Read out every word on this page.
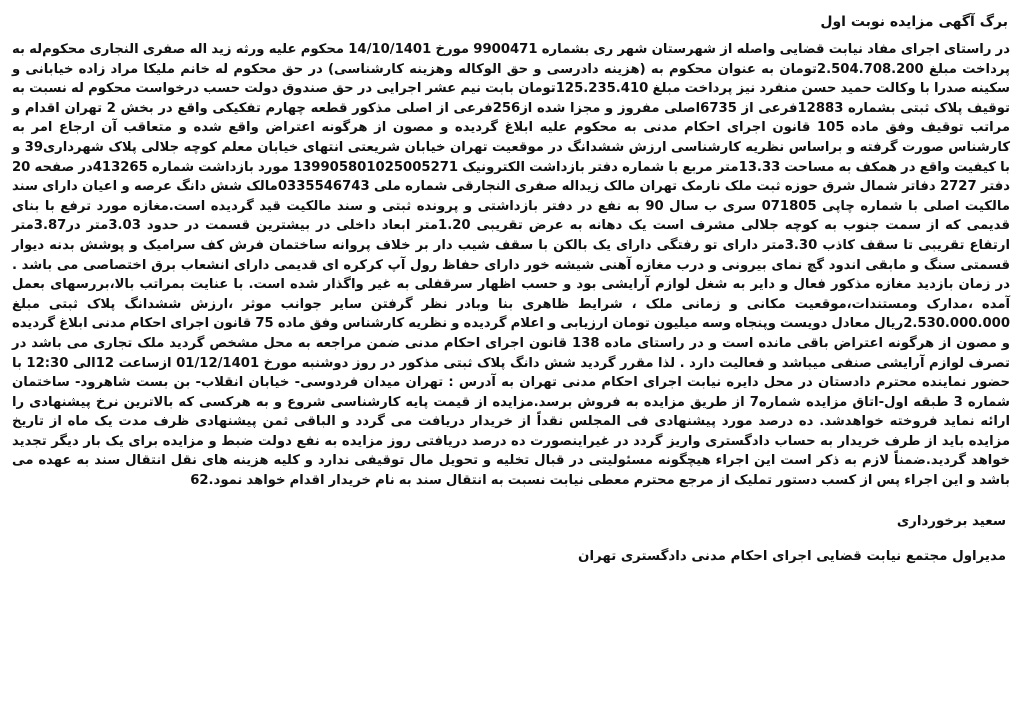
برگ آگهی مزایده نوبت اول
در راستای اجرای مفاد نیابت قضایی واصله از شهرستان شهر ری بشماره 9900471 مورخ 14/10/1401 محکوم علیه ورثه زید اله صفری النجاری محکوم‌له به پرداخت مبلغ 2.504.708.200تومان به عنوان محکوم به (هزینه دادرسی و حق الوکاله وهزینه کارشناسی) در حق محکوم له خانم ملیکا مراد زاده خیابانی و سکینه صدرا با وکالت حمید حسن منفرد نیز پرداخت مبلغ 125.235.410تومان بابت نیم عشر اجرایی در حق صندوق دولت حسب درخواست محکوم له نسبت به توقیف پلاک ثبتی بشماره 12883فرعی از 6735اصلی مفروز و مجزا شده از256فرعی از اصلی مذکور قطعه چهارم تفکیکی واقع در بخش 2 تهران اقدام و مراتب توقیف وفق ماده 105 قانون اجرای احکام مدنی به محکوم علیه ابلاغ گردیده و مصون از هرگونه اعتراض واقع شده و متعاقب آن ارجاع امر به کارشناس صورت گرفته و براساس نظریه کارشناسی ارزش ششدانگ در موقعیت تهران خیابان شریعتی انتهای خیابان معلم کوچه جلالی پلاک شهرداری39 و با کیفیت واقع در همکف به مساحت 13.33متر مربع با شماره دفتر بازداشت الکترونیک 139905801025005271 مورد بازداشت شماره 413265در صفحه 20 دفتر 2727 دفاتر شمال شرق حوزه ثبت ملک نارمک تهران مالک زیداله صفری النجارقی شماره ملی 0335546743مالک شش دانگ عرصه و اعیان دارای سند مالکیت اصلی با شماره چاپی 071805 سری ب سال 90 به نفع در دفتر بازداشتی و پرونده ثبتی و سند مالکیت قید گردیده است.مغازه مورد ترفع با بنای قدیمی که از سمت جنوب به کوچه جلالی مشرف است یک دهانه به عرض تقریبی 1.20متر ابعاد داخلی در بیشترین قسمت در حدود 3.03متر در3.87متر ارتفاع تقریبی تا سقف کاذب 3.30متر دارای تو رفتگی دارای یک بالکن با سقف شیب دار بر خلاف پروانه ساختمان فرش کف سرامیک و پوشش بدنه دیوار قسمتی سنگ و مابقی اندود گچ نمای بیرونی و درب مغازه آهنی شیشه خور دارای حفاظ رول آپ کرکره ای قدیمی دارای انشعاب برق اختصاصی می باشد . در زمان بازدید مغازه مذکور فعال و دایر به شغل لوازم آرایشی بود و حسب اظهار سرقفلی به غیر واگذار شده است. با عنایت بمراتب بالا،بررسهای بعمل آمده ،مدارک ومستندات،موقعیت مکانی و زمانی ملک ، شرایط ظاهری بنا وبادر نظر گرفتن سایر جوانب موثر ،ارزش ششدانگ پلاک ثبتی مبلغ 2.530.000.000ریال معادل دویست وپنجاه وسه میلیون تومان ارزیابی و اعلام گردیده و نظریه کارشناس وفق ماده 75 قانون اجرای احکام مدنی ابلاغ گردیده و مصون از هرگونه اعتراض باقی مانده است و در راستای ماده 138 قانون اجرای احکام مدنی ضمن مراجعه به محل مشخص گردید ملک تجاری می باشد در تصرف لوازم آرایشی صنفی میباشد و فعالیت دارد . لذا مقرر گردید شش دانگ پلاک ثبتی مذکور در روز دوشنبه مورخ 01/12/1401 ازساعت 12الی 12:30 با حضور نماینده محترم دادستان در محل دایره نیابت اجرای احکام مدنی تهران به آدرس : تهران میدان فردوسی- خیابان انقلاب- بن بست شاهرود- ساختمان شماره 3 طبقه اول-اتاق مزایده شماره7 از طریق مزایده به فروش برسد.مزایده از قیمت پایه کارشناسی شروع و به هرکسی که بالاترین نرخ پیشنهادی را ارائه نماید فروخته خواهدشد. ده درصد مورد پیشنهادی فی المجلس نقداً از خریدار دریافت می گردد و الباقی ثمن پیشنهادی ظرف مدت یک ماه از تاریخ مزایده باید از طرف خریدار به حساب دادگستری واریز گردد در غیراینصورت ده درصد دریافتی روز مزایده به نفع دولت ضبط و مزایده برای یک بار دیگر تجدید خواهد گردید.ضمناً لازم به ذکر است این اجراء هیچگونه مسئولیتی در قبال تخلیه و تحویل مال توقیفی ندارد و کلیه هزینه های نقل انتقال سند به عهده می باشد و این اجراء پس از کسب دستور تملیک از مرجع محترم معطی نیابت نسبت به انتقال سند به نام خریدار اقدام خواهد نمود.62
سعید برخورداری
مدیراول مجتمع نیابت قضایی اجرای احکام مدنی دادگستری تهران
